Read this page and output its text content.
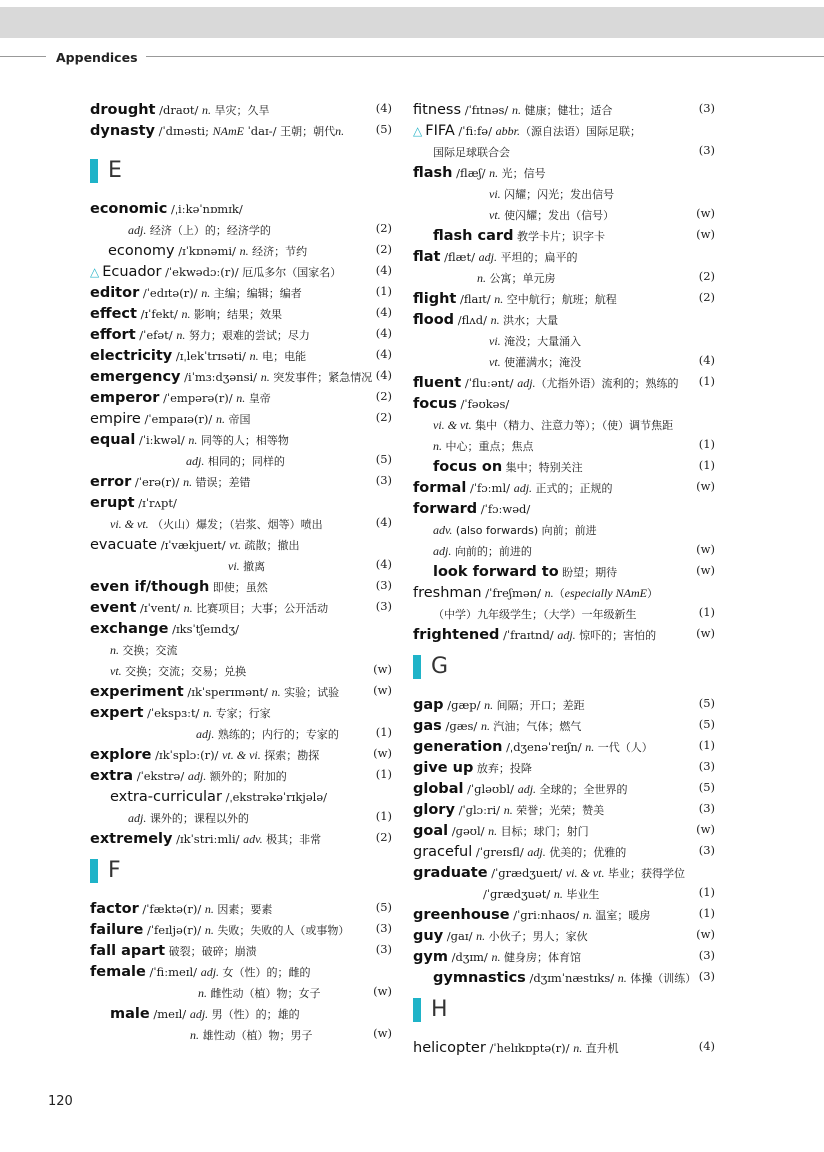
Appendices
drought /draʊt/ n. 旱灾；久旱	(4)
dynasty /ˈdɪnəsti; NAmE ˈdaɪ-/ 王朝；朝代n.	(5)
E
economic /ˌiːkəˈnɒmɪk/
adj. 经济（上）的；经济学的	(2)
economy /ɪˈkɒnəmi/ n. 经济；节约	(2)
△ Ecuador /ˈekwədɔː(r)/ 厄瓜多尔（国家名）	(4)
editor /ˈedɪtə(r)/ n. 主编；编辑；编者	(1)
effect /ɪˈfekt/ n. 影响；结果；效果	(4)
effort /ˈefət/ n. 努力；艰难的尝试；尽力	(4)
electricity /ɪˌlekˈtrɪsəti/ n. 电；电能	(4)
emergency /iˈmɜːdʒənsi/ n. 突发事件；紧急情况 (4)
emperor /ˈempərə(r)/ n. 皇帝	(2)
empire /ˈempaɪə(r)/ n. 帝国	(2)
equal /ˈiːkwəl/ n. 同等的人；相等物
adj. 相同的；同样的	(5)
error /ˈerə(r)/ n. 错误；差错	(3)
erupt /ɪˈrʌpt/
vi. & vt. （火山）爆发；（岩浆、烟等）喷出	(4)
evacuate /ɪˈvækjueɪt/ vt. 疏散；撤出
vi. 撤离	(4)
even if/though 即使；虽然	(3)
event /ɪˈvent/ n. 比赛项目；大事；公开活动	(3)
exchange /ɪksˈtʃeɪndʒ/
n. 交换；交流
vt. 交换；交流；交易；兑换	(w)
experiment /ɪkˈsperɪmənt/ n. 实验；试验	(w)
expert /ˈekspɜːt/ n. 专家；行家
adj. 熟练的；内行的；专家的	(1)
explore /ɪkˈsplɔː(r)/ vt. & vi. 探索；勘探	(w)
extra /ˈekstrə/ adj. 额外的；附加的	(1)
extra-curricular /ˌekstrəkəˈrɪkjələ/
adj. 课外的；课程以外的	(1)
extremely /ɪkˈstriːmli/ adv. 极其；非常	(2)
F
factor /ˈfæktə(r)/ n. 因素；要素	(5)
failure /ˈfeɪljə(r)/ n. 失败；失败的人（或事物） (3)
fall apart 破裂；破碎；崩溃	(3)
female /ˈfiːmeɪl/ adj. 女（性）的；雌的
n. 雌性动（植）物；女子	(w)
male /meɪl/ adj. 男（性）的；雄的
n. 雄性动（植）物；男子	(w)
fitness /ˈfɪtnəs/ n. 健康；健壮；适合	(3)
△ FIFA /ˈfiːfə/ abbr.（源自法语）国际足联；
国际足球联合会	(3)
flash /flæʃ/ n. 光；信号
vi. 闪耀；闪光；发出信号
vt. 使闪耀；发出（信号）	(w)
flash card 教学卡片；识字卡	(w)
flat /flæt/ adj. 平坦的；扁平的
n. 公寓；单元房	(2)
flight /flaɪt/ n. 空中航行；航班；航程	(2)
flood /flʌd/ n. 洪水；大量
vi. 淹没；大量涌入
vt. 使灌满水；淹没	(4)
fluent /ˈfluːənt/ adj.（尤指外语）流利的；熟练的 (1)
focus /ˈfəʊkəs/
vi. & vt. 集中（精力、注意力等）；（使）调节焦距
n. 中心；重点；焦点	(1)
focus on 集中；特别关注	(1)
formal /ˈfɔːml/ adj. 正式的；正规的	(w)
forward /ˈfɔːwəd/
adv. (also forwards) 向前；前进
adj. 向前的；前进的	(w)
look forward to 盼望；期待	(w)
freshman /ˈfreʃmən/ n.（especially NAmE）
（中学）九年级学生；（大学）一年级新生	(1)
frightened /ˈfraɪtnd/ adj. 惊吓的；害怕的	(w)
G
gap /ɡæp/ n. 间隔；开口；差距	(5)
gas /ɡæs/ n. 汽油；气体；燃气	(5)
generation /ˌdʒenəˈreɪʃn/ n. 一代（人）	(1)
give up 放弃；投降	(3)
global /ˈɡləʊbl/ adj. 全球的；全世界的	(5)
glory /ˈɡlɔːri/ n. 荣誉；光荣；赞美	(3)
goal /ɡəʊl/ n. 目标；球门；射门	(w)
graceful /ˈɡreɪsfl/ adj. 优美的；优雅的	(3)
graduate /ˈɡrædʒueɪt/ vi. & vt. 毕业；获得学位
/ˈɡrædʒuət/ n. 毕业生	(1)
greenhouse /ˈɡriːnhaʊs/ n. 温室；暖房	(1)
guy /ɡaɪ/ n. 小伙子；男人；家伙	(w)
gym /dʒɪm/ n. 健身房；体育馆	(3)
gymnastics /dʒɪmˈnæstɪks/ n. 体操（训练） (3)
H
helicopter /ˈhelɪkɒptə(r)/ n. 直升机	(4)
120
